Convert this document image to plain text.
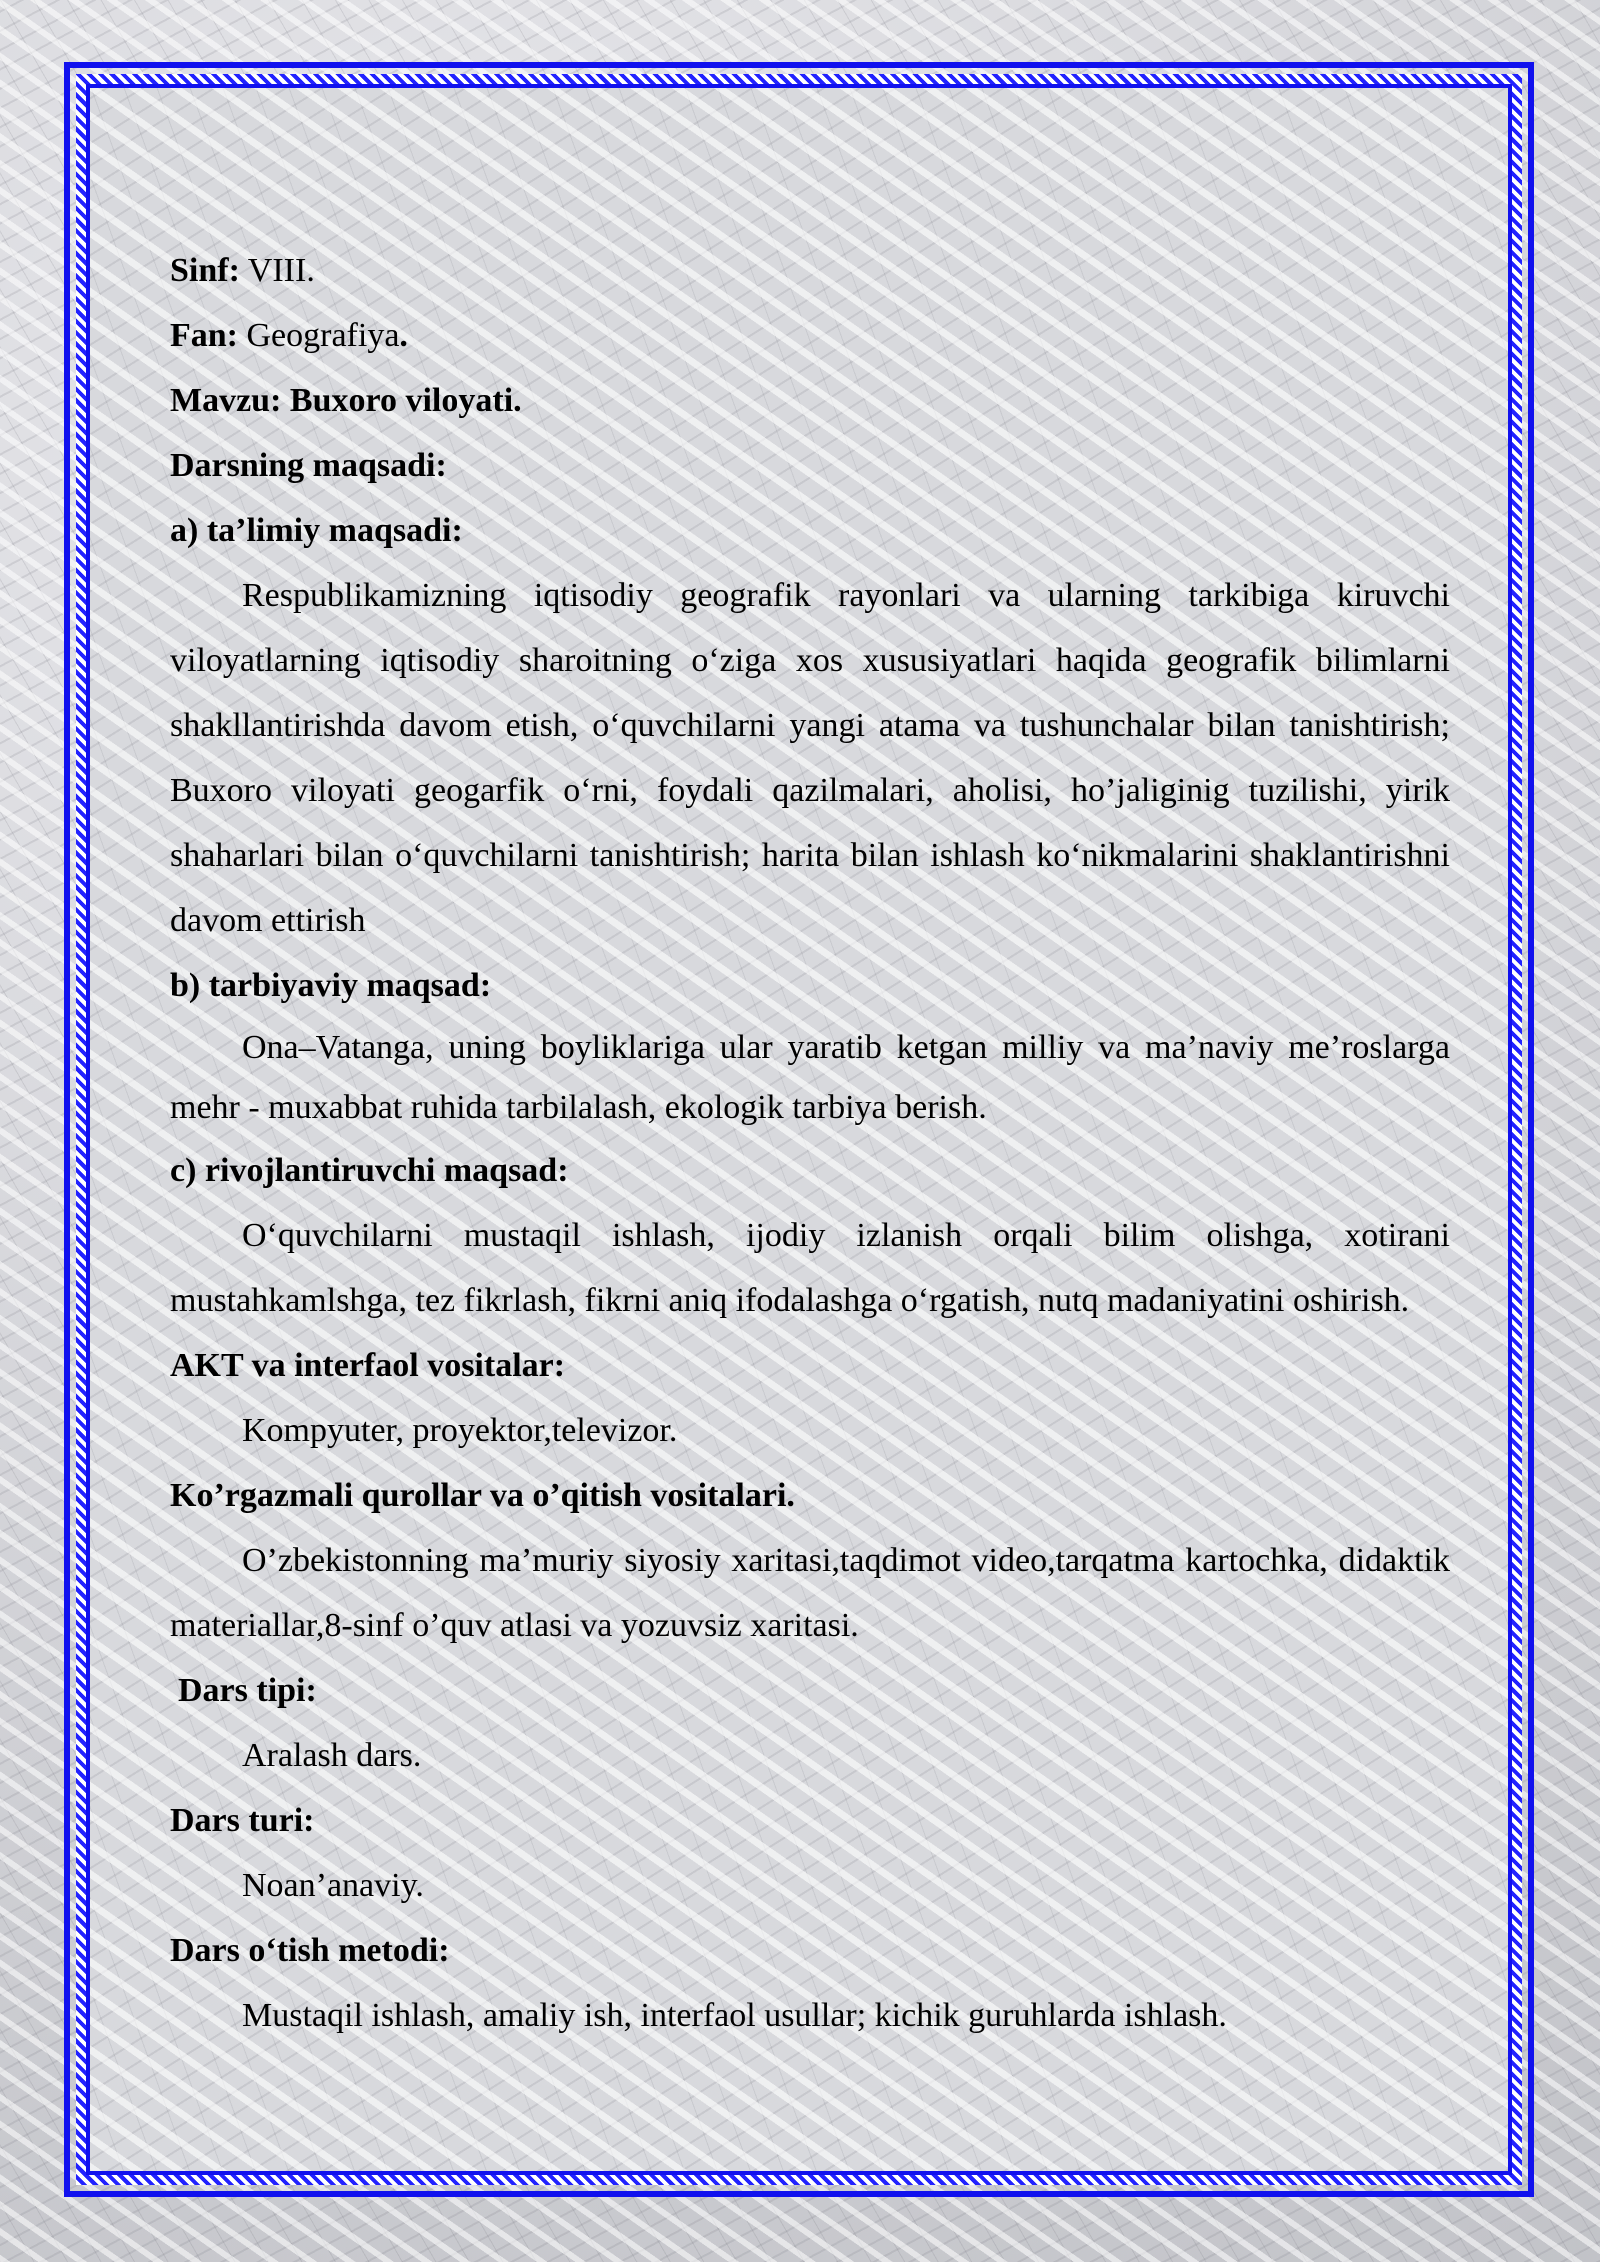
Sinf: VIII.

Fan: Geografiya.

Mavzu: Buxoro viloyati.

Darsning maqsadi:

a) ta’limiy maqsadi:

Respublikamizning iqtisodiy geografik rayonlari va ularning tarkibiga kiruvchi viloyatlarning iqtisodiy sharoitning o‘ziga xos xususiyatlari haqida geografik bilimlarni shakllantirishda davom etish, o‘quvchilarni yangi atama va tushunchalar bilan tanishtirish; Buxoro viloyati geogarfik o‘rni, foydali qazilmalari, aholisi, ho’jaliginig tuzilishi, yirik shaharlari bilan o‘quvchilarni tanishtirish; harita bilan ishlash ko‘nikmalarini shaklantirishni davom ettirish

b) tarbiyaviy maqsad:

Ona–Vatanga, uning boyliklariga ular yaratib ketgan milliy va ma’naviy me’roslarga mehr - muxabbat ruhida tarbilalash, ekologik tarbiya berish.

c) rivojlantiruvchi maqsad:

O‘quvchilarni mustaqil ishlash, ijodiy izlanish orqali bilim olishga, xotirani mustahkamlshga, tez fikrlash, fikrni aniq ifodalashga o‘rgatish, nutq madaniyatini oshirish.

AKT va interfaol vositalar:

Kompyuter, proyektor,televizor.

Ko’rgazmali qurollar va o’qitish vositalari.

O’zbekistonning ma’muriy siyosiy xaritasi,taqdimot video,tarqatma kartochka, didaktik materiallar,8-sinf o’quv atlasi va yozuvsiz xaritasi.

Dars tipi:

Aralash dars.

Dars turi:

Noan’anaviy.

Dars o‘tish metodi:

Mustaqil ishlash, amaliy ish, interfaol usullar; kichik guruhlarda ishlash.
